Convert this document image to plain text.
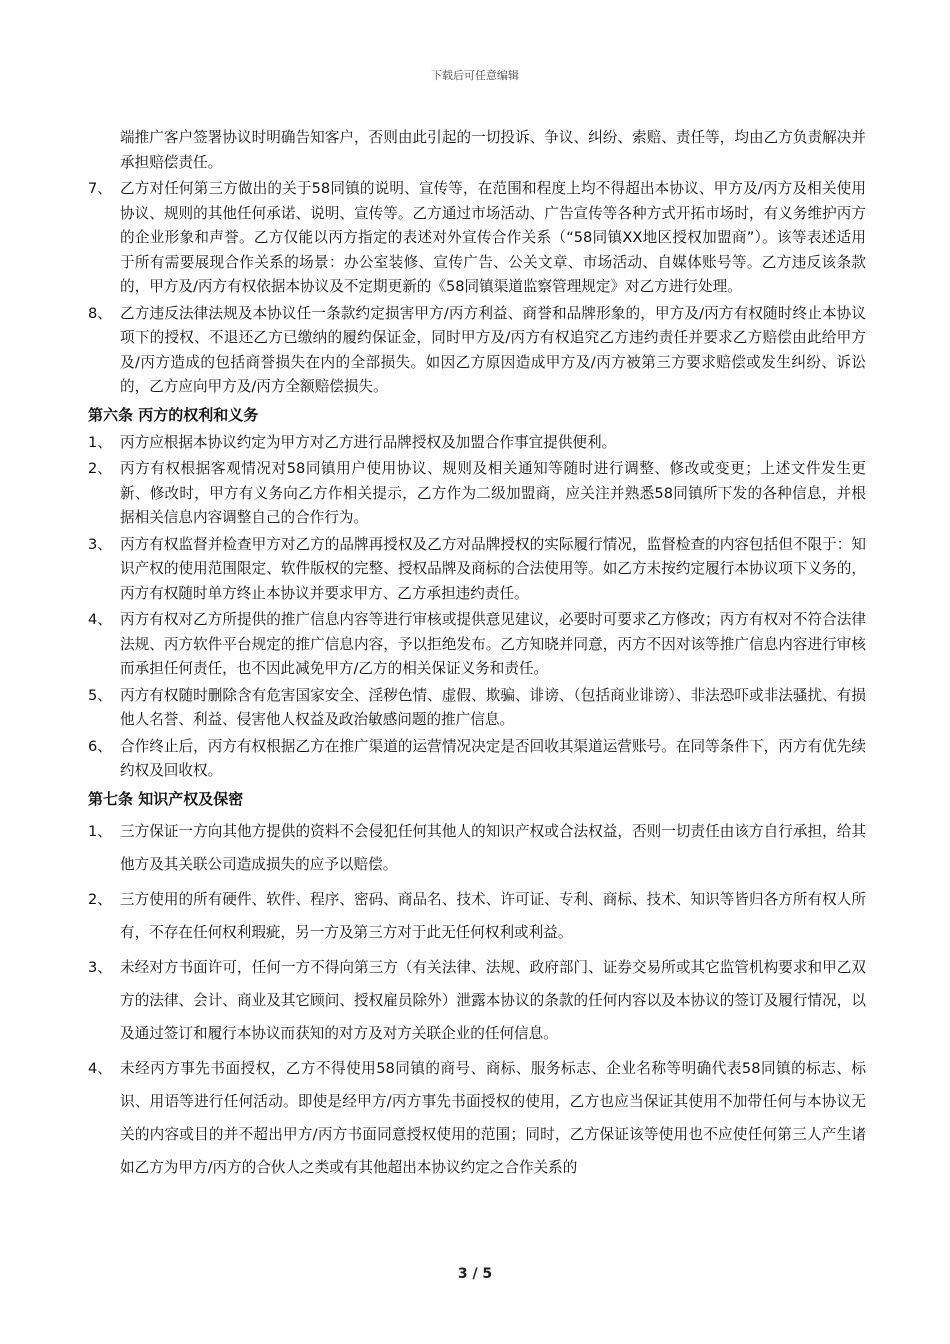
下载后可任意编辑
端推广客户签署协议时明确告知客户，否则由此引起的一切投诉、争议、纠纷、索赔、责任等，均由乙方负责解决并承担赔偿责任。
7、 乙方对任何第三方做出的关于58同镇的说明、宣传等，在范围和程度上均不得超出本协议、甲方及/丙方及相关使用协议、规则的其他任何承诺、说明、宣传等。乙方通过市场活动、广告宣传等各种方式开拓市场时，有义务维护丙方的企业形象和声誉。乙方仅能以丙方指定的表述对外宣传合作关系（“58同镇XX地区授权加盟商”）。该等表述适用于所有需要展现合作关系的场景：办公室装修、宣传广告、公关文章、市场活动、自媒体账号等。乙方违反该条款的，甲方及/丙方有权依据本协议及不定期更新的《58同镇渠道监察管理规定》对乙方进行处理。
8、 乙方违反法律法规及本协议任一条款约定损害甲方/丙方利益、商誉和品牌形象的，甲方及/丙方有权随时终止本协议项下的授权、不退还乙方已缴纳的履约保证金，同时甲方及/丙方有权追究乙方违约责任并要求乙方赔偿由此给甲方及/丙方造成的包括商誉损失在内的全部损失。如因乙方原因造成甲方及/丙方被第三方要求赔偿或发生纠纷、诉讼的，乙方应向甲方及/丙方全额赔偿损失。
第六条 丙方的权利和义务
1、 丙方应根据本协议约定为甲方对乙方进行品牌授权及加盟合作事宜提供便利。
2、 丙方有权根据客观情况对58同镇用户使用协议、规则及相关通知等随时进行调整、修改或变更；上述文件发生更新、修改时，甲方有义务向乙方作相关提示，乙方作为二级加盟商，应关注并熟悉58同镇所下发的各种信息，并根据相关信息内容调整自己的合作行为。
3、 丙方有权监督并检查甲方对乙方的品牌再授权及乙方对品牌授权的实际履行情况，监督检查的内容包括但不限于：知识产权的使用范围限定、软件版权的完整、授权品牌及商标的合法使用等。如乙方未按约定履行本协议项下义务的，丙方有权随时单方终止本协议并要求甲方、乙方承担违约责任。
4、 丙方有权对乙方所提供的推广信息内容等进行审核或提供意见建议，必要时可要求乙方修改；丙方有权对不符合法律法规、丙方软件平台规定的推广信息内容，予以拒绝发布。乙方知晓并同意，丙方不因对该等推广信息内容进行审核而承担任何责任，也不因此减免甲方/乙方的相关保证义务和责任。
5、 丙方有权随时删除含有危害国家安全、淫秽色情、虚假、欺骗、诽谤、（包括商业诽谤）、非法恐吓或非法骚扰、有损他人名誉、利益、侵害他人权益及政治敏感问题的推广信息。
6、 合作终止后，丙方有权根据乙方在推广渠道的运营情况决定是否回收其渠道运营账号。在同等条件下，丙方有优先续约权及回收权。
第七条 知识产权及保密
1、 三方保证一方向其他方提供的资料不会侵犯任何其他人的知识产权或合法权益，否则一切责任由该方自行承担，给其他方及其关联公司造成损失的应予以赔偿。
2、 三方使用的所有硬件、软件、程序、密码、商品名、技术、许可证、专利、商标、技术、知识等皆归各方所有权人所有，不存在任何权利瑕疵，另一方及第三方对于此无任何权利或利益。
3、 未经对方书面许可，任何一方不得向第三方（有关法律、法规、政府部门、证券交易所或其它监管机构要求和甲乙双方的法律、会计、商业及其它顾问、授权雇员除外）泄露本协议的条款的任何内容以及本协议的签订及履行情况，以及通过签订和履行本协议而获知的对方及对方关联企业的任何信息。
4、 未经丙方事先书面授权，乙方不得使用58同镇的商号、商标、服务标志、企业名称等明确代表58同镇的标志、标识、用语等进行任何活动。即使是经甲方/丙方事先书面授权的使用，乙方也应当保证其使用不加带任何与本协议无关的内容或目的并不超出甲方/丙方书面同意授权使用的范围；同时，乙方保证该等使用也不应使任何第三人产生诸如乙方为甲方/丙方的合伙人之类或有其他超出本协议约定之合作关系的
3 / 5
